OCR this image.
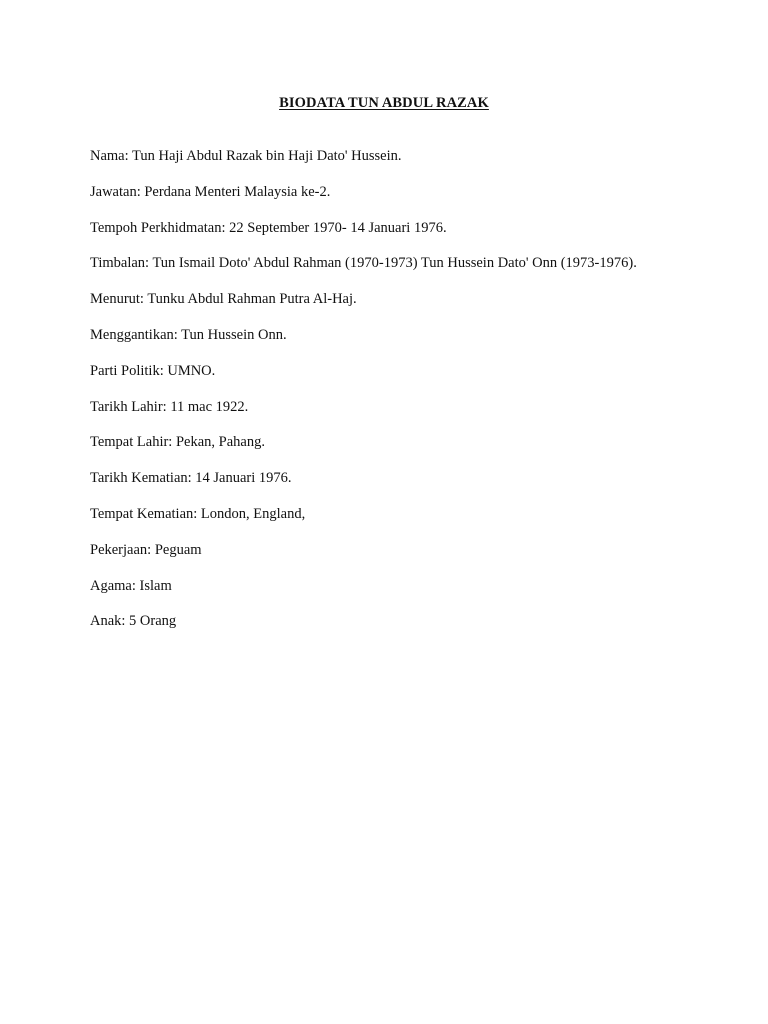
BIODATA TUN ABDUL RAZAK
Nama: Tun Haji Abdul Razak bin Haji Dato' Hussein.
Jawatan: Perdana Menteri Malaysia ke-2.
Tempoh Perkhidmatan: 22 September 1970- 14 Januari 1976.
Timbalan: Tun Ismail Doto' Abdul Rahman (1970-1973) Tun Hussein Dato' Onn (1973-1976).
Menurut: Tunku Abdul Rahman Putra Al-Haj.
Menggantikan: Tun Hussein Onn.
Parti Politik: UMNO.
Tarikh Lahir: 11 mac 1922.
Tempat Lahir: Pekan, Pahang.
Tarikh Kematian: 14 Januari 1976.
Tempat Kematian: London, England,
Pekerjaan: Peguam
Agama: Islam
Anak: 5 Orang
